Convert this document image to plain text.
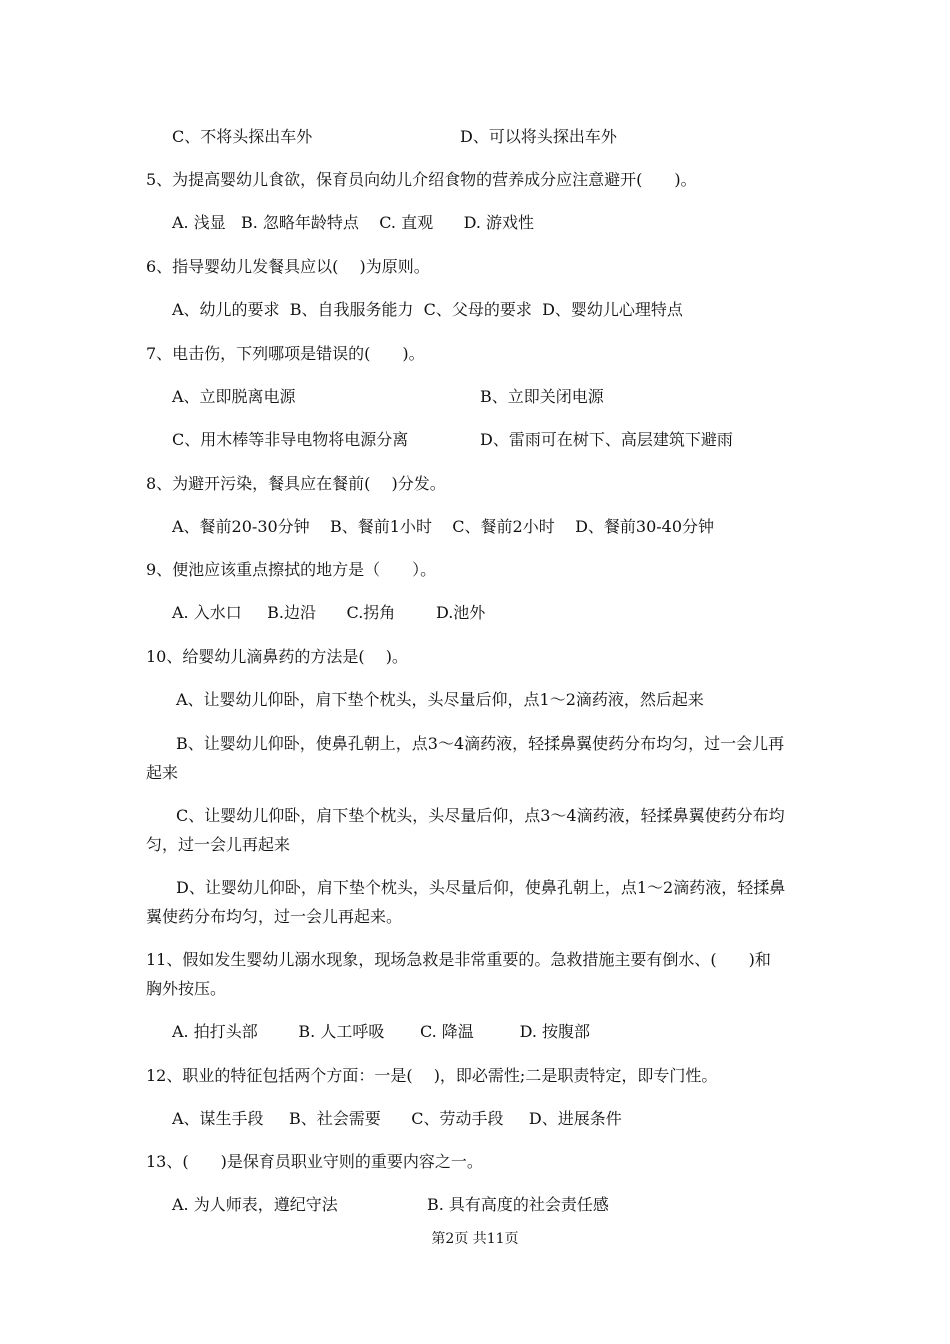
C、不将头探出车外	D、可以将头探出车外
5、为提高婴幼儿食欲，保育员向幼儿介绍食物的营养成分应注意避开(　　)。
A. 浅显   B. 忽略年龄特点    C. 直观      D. 游戏性
6、指导婴幼儿发餐具应以(　 )为原则。
A、幼儿的要求  B、自我服务能力  C、父母的要求  D、婴幼儿心理特点
7、电击伤，下列哪项是错误的(　　)。
A、立即脱离电源	B、立即关闭电源
C、用木棒等非导电物将电源分离	D、雷雨可在树下、高层建筑下避雨
8、为避开污染，餐具应在餐前(　 )分发。
A、餐前20-30分钟    B、餐前1小时    C、餐前2小时    D、餐前30-40分钟
9、便池应该重点擦拭的地方是（　　）。
A. 入水口     B.边沿      C.拐角        D.池外
10、给婴幼儿滴鼻药的方法是(　 )。
A、让婴幼儿仰卧，肩下垫个枕头，头尽量后仰，点1～2滴药液，然后起来
B、让婴幼儿仰卧，使鼻孔朝上，点3～4滴药液，轻揉鼻翼使药分布均匀，过一会儿再
起来
C、让婴幼儿仰卧，肩下垫个枕头，头尽量后仰，点3～4滴药液，轻揉鼻翼使药分布均
匀，过一会儿再起来
D、让婴幼儿仰卧，肩下垫个枕头，头尽量后仰，使鼻孔朝上，点1～2滴药液，轻揉鼻
翼使药分布均匀，过一会儿再起来。
11、假如发生婴幼儿溺水现象，现场急救是非常重要的。急救措施主要有倒水、(　　)和
胸外按压。
A. 拍打头部        B. 人工呼吸       C. 降温         D. 按腹部
12、职业的特征包括两个方面：一是(　 )，即必需性;二是职责特定，即专门性。
A、谋生手段     B、社会需要      C、劳动手段     D、进展条件
13、(　　)是保育员职业守则的重要内容之一。
A. 为人师表，遵纪守法	B. 具有高度的社会责任感
第2页 共11页
